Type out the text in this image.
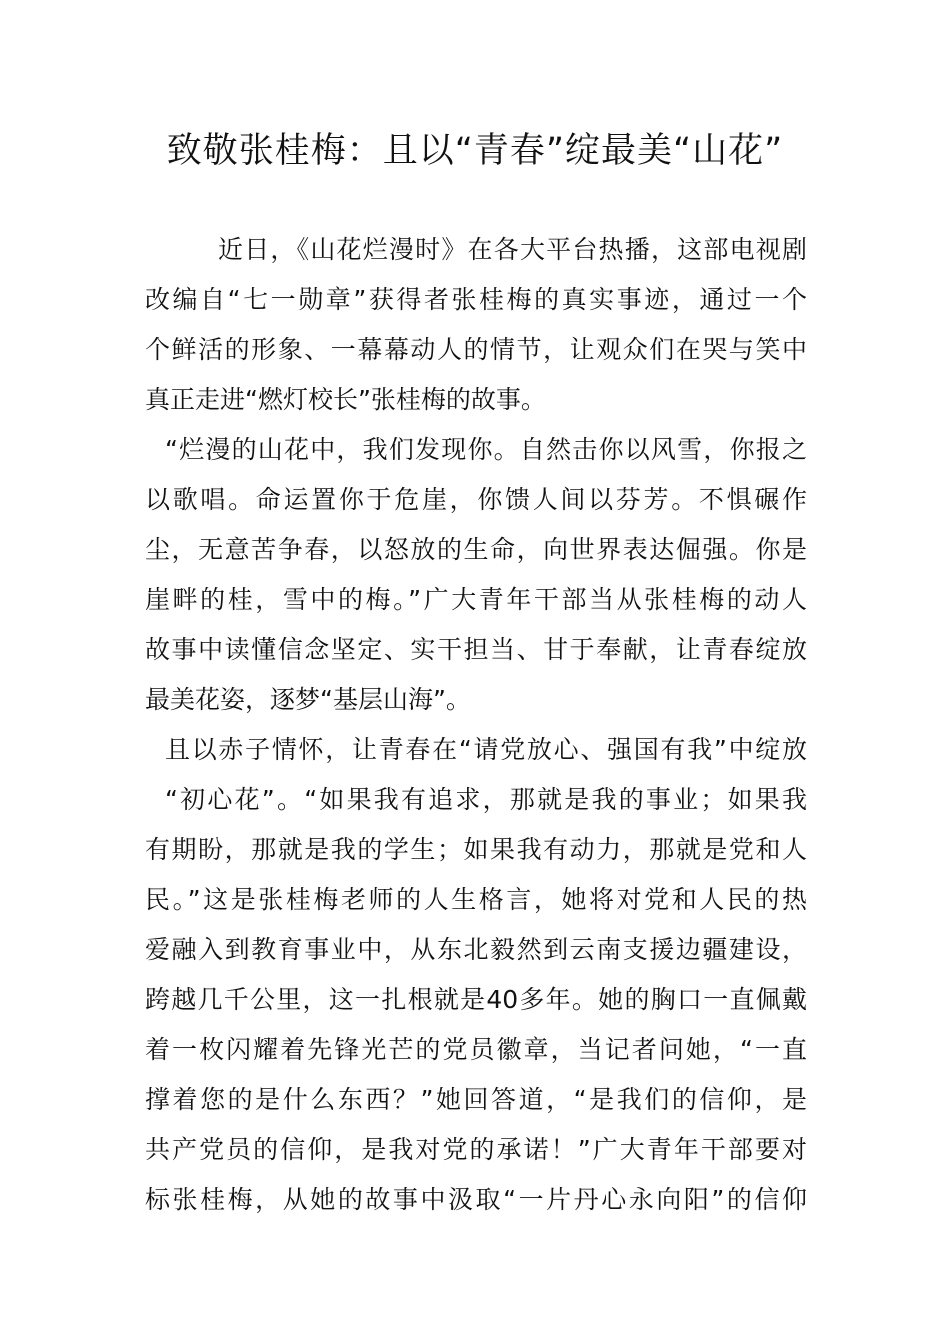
致敬张桂梅：且以“青春”绽最美“山花”
近日，《山花烂漫时》在各大平台热播，这部电视剧
改编自“七一勋章”获得者张桂梅的真实事迹，通过一个
个鲜活的形象、一幕幕动人的情节，让观众们在哭与笑中
真正走进“燃灯校长”张桂梅的故事。
“烂漫的山花中，我们发现你。自然击你以风雪，你报之
以歌唱。命运置你于危崖，你馈人间以芬芳。不惧碾作
尘，无意苦争春，以怒放的生命，向世界表达倔强。你是
崖畔的桂，雪中的梅。”广大青年干部当从张桂梅的动人
故事中读懂信念坚定、实干担当、甘于奉献，让青春绽放
最美花姿，逐梦“基层山海”。
且以赤子情怀，让青春在“请党放心、强国有我”中绽放
“初心花”。“如果我有追求，那就是我的事业；如果我
有期盼，那就是我的学生；如果我有动力，那就是党和人
民。”这是张桂梅老师的人生格言，她将对党和人民的热
爱融入到教育事业中，从东北毅然到云南支援边疆建设，
跨越几千公里，这一扎根就是40多年。她的胸口一直佩戴
着一枚闪耀着先锋光芒的党员徽章，当记者问她，“一直
撑着您的是什么东西？”她回答道，“是我们的信仰，是
共产党员的信仰，是我对党的承诺！”广大青年干部要对
标张桂梅，从她的故事中汲取“一片丹心永向阳”的信仰
